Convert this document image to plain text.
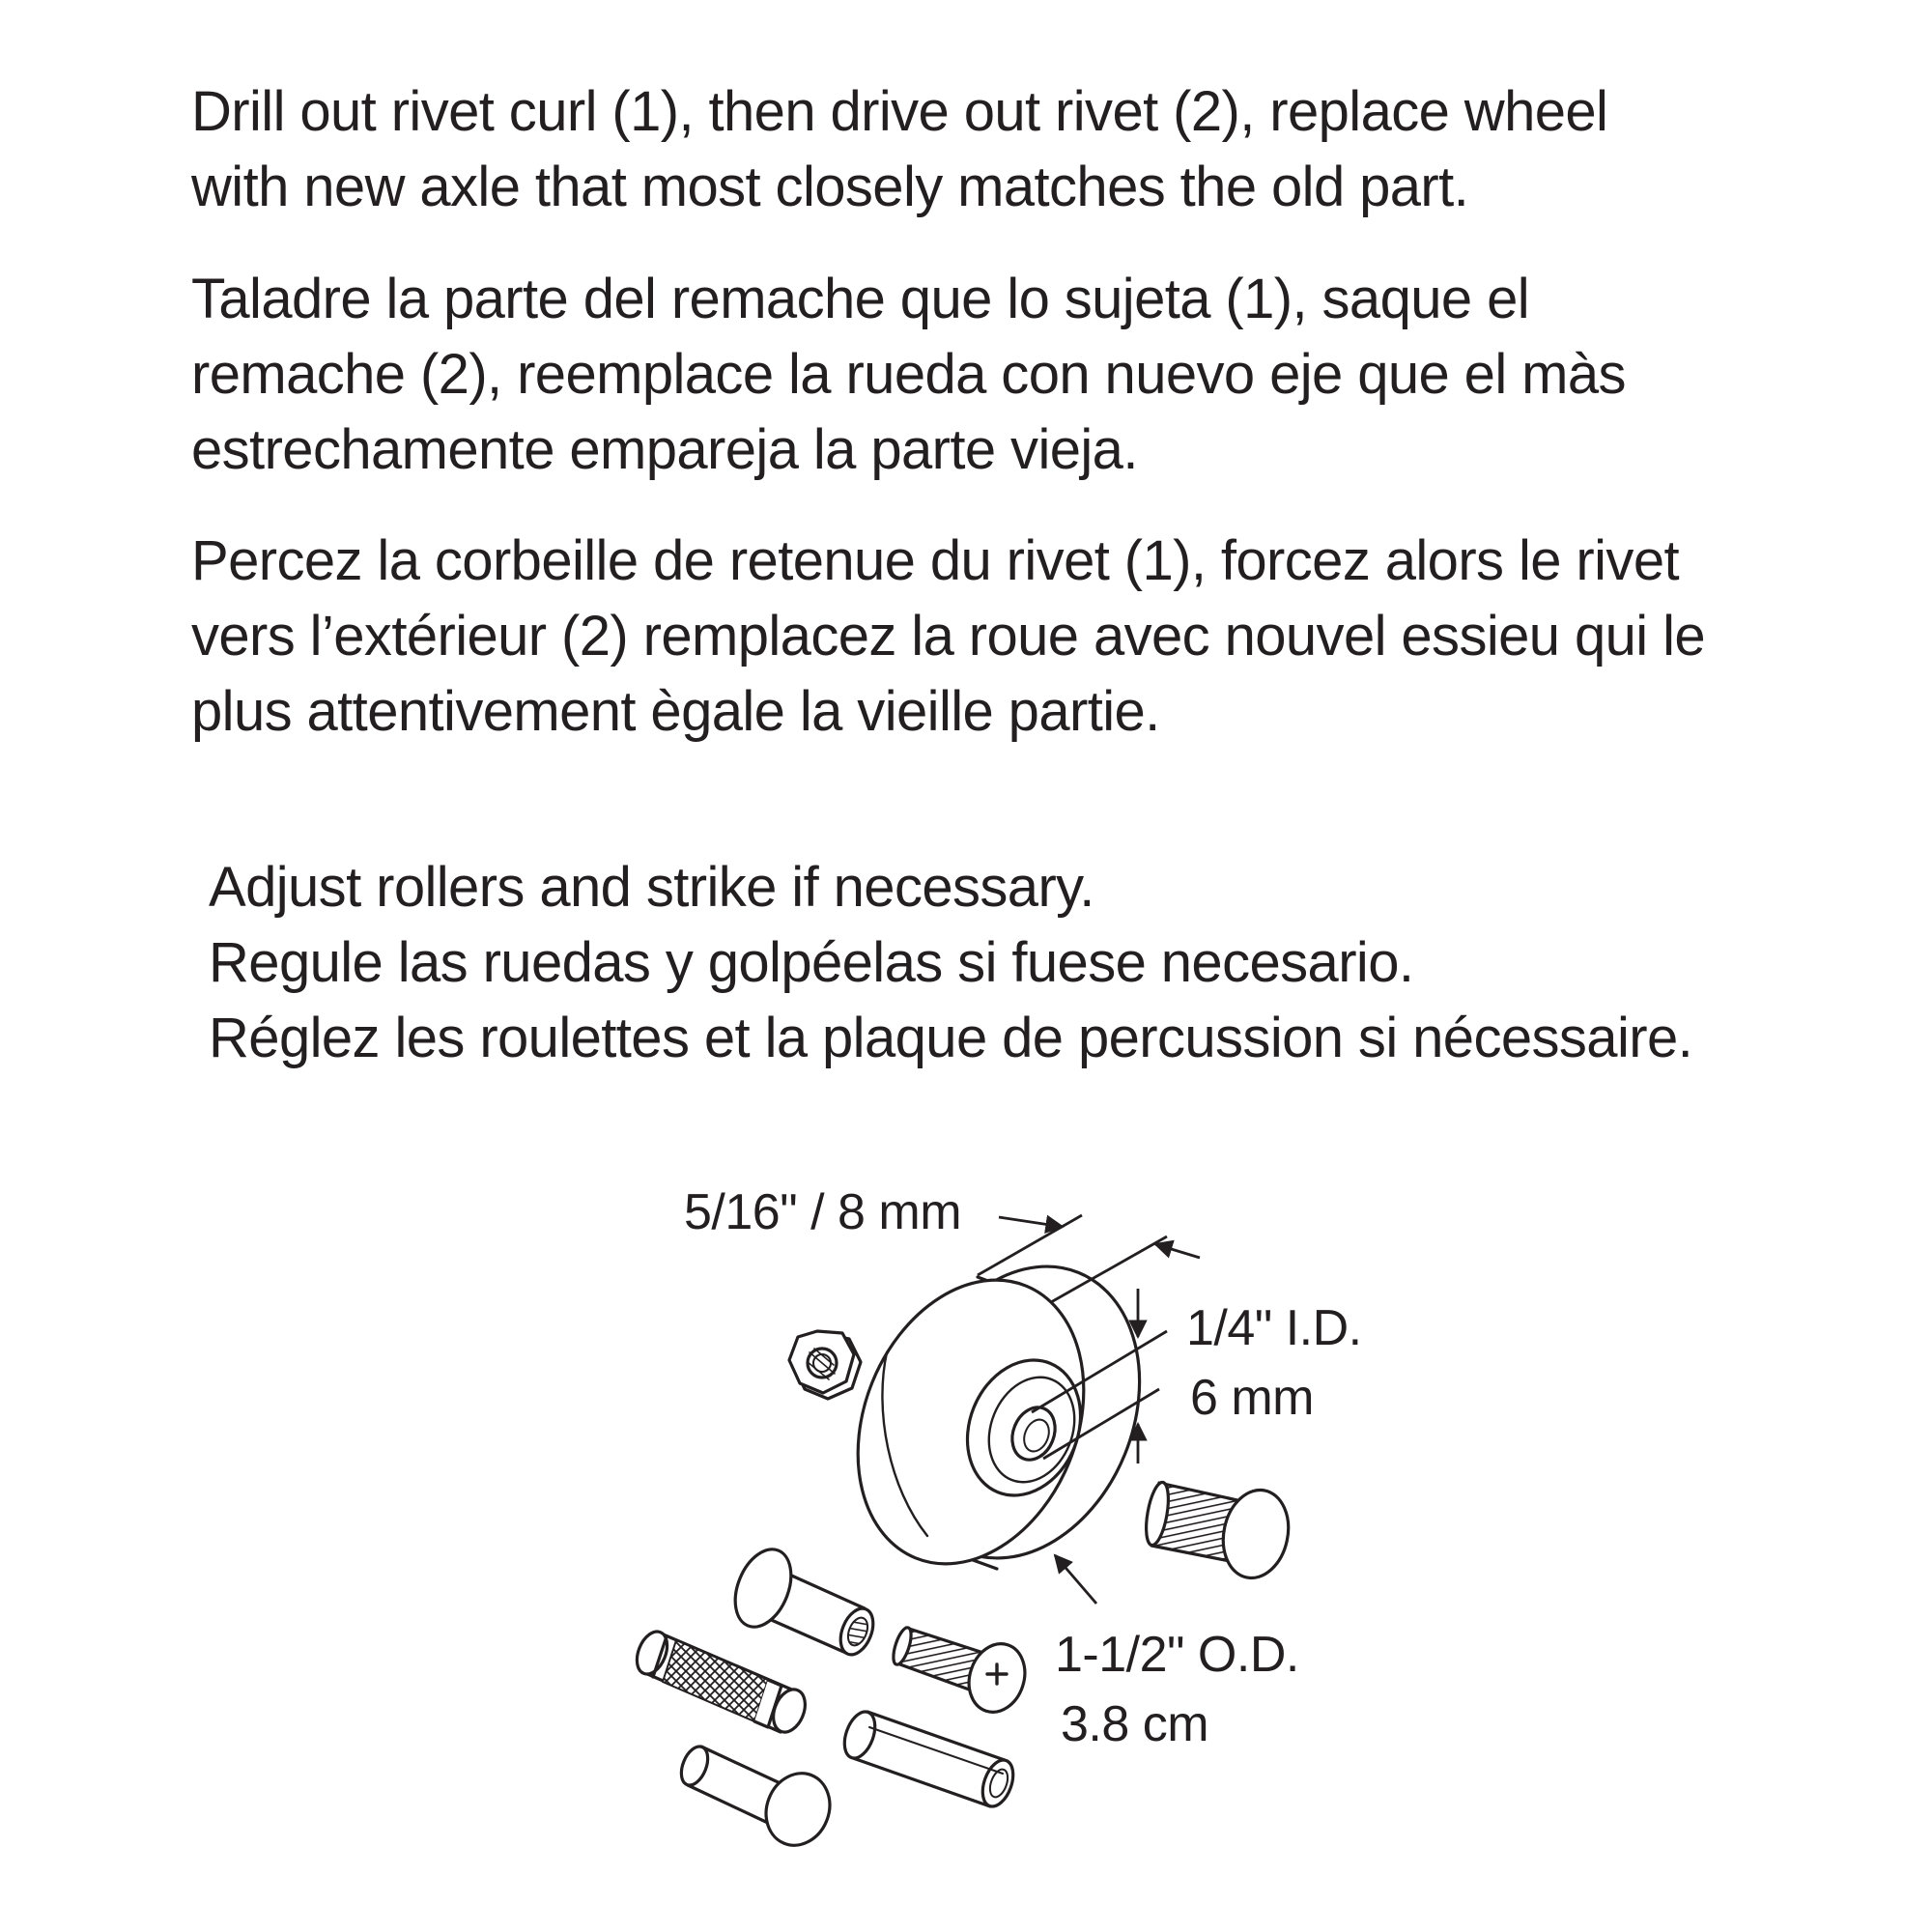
Drill out rivet curl (1), then drive out rivet (2), replace wheel
with new axle that most closely matches the old part.

Taladre la parte del remache que lo sujeta (1), saque el
remache (2), reemplace la rueda con nuevo eje que el màs
estrechamente empareja la parte vieja.

Percez la corbeille de retenue du rivet (1), forcez alors le rivet
vers l’extérieur (2) remplacez la roue avec nouvel essieu qui le
plus attentivement ègale la vieille partie.

Adjust rollers and strike if necessary.
Regule las ruedas y golpéelas si fuese necesario.
Réglez les roulettes et la plaque de percussion si nécessaire.

5/16" / 8 mm
1/4" I.D.
6 mm
1-1/2" O.D.
3.8 cm
